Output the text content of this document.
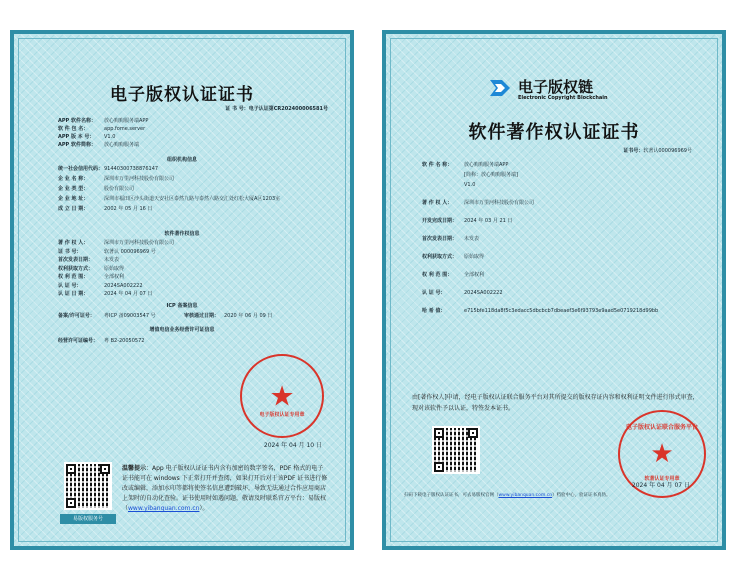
电子版权认证证书
证 书 号：电子认证第CR202400006581号
APP 软件名称： 放心购购服务端APP
软 件 包 名：	app.fome.server
APP 版 本 号： V1.0
APP 软件简称： 放心购购服务端
组织机构信息
统一社会信用代码：91440300738876147
企 业 名 称：	深圳市万里河科技股份有限公司
企 业 类 型：	股份有限公司
企 业 地 址：	深圳市福田区沙头街道天安社区泰然九路与泰然六路交汇处红松大厦A区1203室
成 立 日 期：	2002 年 05 月 16 日
软件著作权信息
著 作 权 人：	深圳市万里河科技股份有限公司
证 书 号：	软著认 000096969 号
首次发表日期： 未发表
权利获取方式： 原始取得
权 利 范 围：	全部权利
认 证 号：	2024SA002222
认 证 日 期：	2024 年 04 月 07 日
ICP 备案信息
备案/许可证号： 粤ICP 备09003547 号	审核通过日期： 2020 年 06 月 09 日
增值电信业务经营许可证信息
经营许可证编号： 粤 B2-20050572
★
电子版权认证专用章
2024 年 04 月 10 日
易版权服务号
温馨提示：App 电子版权认证证书内含有加密的数字签名，PDF 格式的电子证书能可在 windows 下正常打开并查阅，如果打开后对于该PDF 证书进行修改或编辑，添加水印等都将使签名信息遭到破坏，导致无法通过合作应用商店上架时的自动化查验。证书使用时如遇问题，敬请及时联系官方平台：易版权（www.yibanquan.com.cn）。
电子版权链
Electronic Copyright Blockchain
软件著作权认证证书
证书号：软著认000096969号
软 件 名 称： 放心购购服务端APP
[简称：放心购购服务端]
V1.0
著 作 权 人： 深圳市万里河科技股份有限公司
开发完成日期： 2024 年 03 月 21 日
首次发表日期： 未发表
权利获取方式： 原始取得
权 利 范 围： 全部权利
认 证 号：	2024SA002222
哈 希 值：	e715bfe118da8f5c3edacc5dbcbcb7dbeaef3e6f93793e9aad5e0719218d99bb
由[著作权人]申请，经电子版权认证联合服务平台对其所提交的版权存证内容和权利证明文件进行形式审查，现对该软件予以认证，特签发本证书。
电子版权认证联合服务平台
★
软著认证专用章
2024 年 04 月 07 日
扫码下载电子版权认证证书，可去易版权官网（www.yibanquan.com.cn）档验中心，验证证书真伪。
